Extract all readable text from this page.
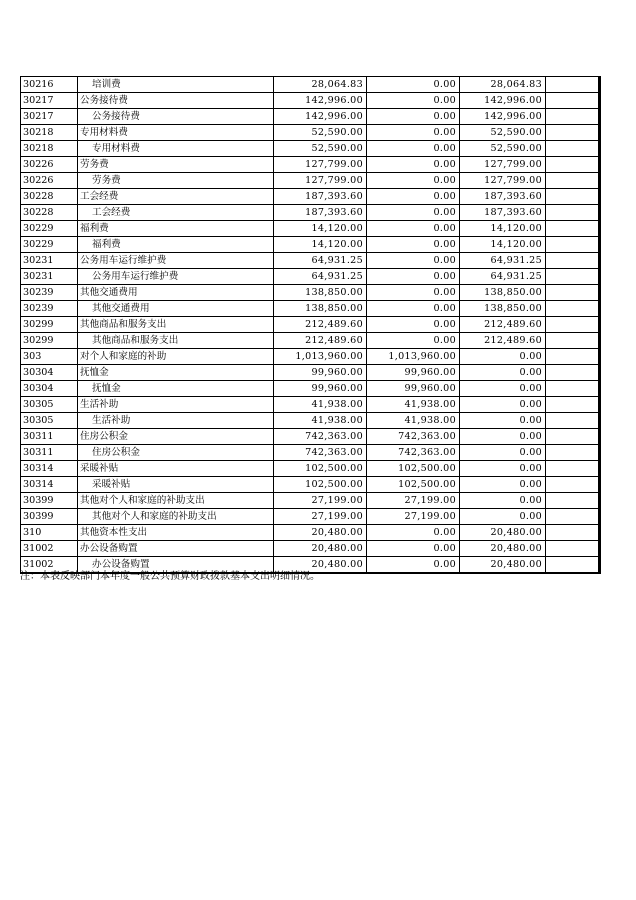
30216	培训费	28,064.83	0.00	28,064.83	
30217	公务接待费	142,996.00	0.00	142,996.00	
30217	公务接待费	142,996.00	0.00	142,996.00	
30218	专用材料费	52,590.00	0.00	52,590.00	
30218	专用材料费	52,590.00	0.00	52,590.00	
30226	劳务费	127,799.00	0.00	127,799.00	
30226	劳务费	127,799.00	0.00	127,799.00	
30228	工会经费	187,393.60	0.00	187,393.60	
30228	工会经费	187,393.60	0.00	187,393.60	
30229	福利费	14,120.00	0.00	14,120.00	
30229	福利费	14,120.00	0.00	14,120.00	
30231	公务用车运行维护费	64,931.25	0.00	64,931.25	
30231	公务用车运行维护费	64,931.25	0.00	64,931.25	
30239	其他交通费用	138,850.00	0.00	138,850.00	
30239	其他交通费用	138,850.00	0.00	138,850.00	
30299	其他商品和服务支出	212,489.60	0.00	212,489.60	
30299	其他商品和服务支出	212,489.60	0.00	212,489.60	
303	对个人和家庭的补助	1,013,960.00	1,013,960.00	0.00	
30304	抚恤金	99,960.00	99,960.00	0.00	
30304	抚恤金	99,960.00	99,960.00	0.00	
30305	生活补助	41,938.00	41,938.00	0.00	
30305	生活补助	41,938.00	41,938.00	0.00	
30311	住房公积金	742,363.00	742,363.00	0.00	
30311	住房公积金	742,363.00	742,363.00	0.00	
30314	采暖补贴	102,500.00	102,500.00	0.00	
30314	采暖补贴	102,500.00	102,500.00	0.00	
30399	其他对个人和家庭的补助支出	27,199.00	27,199.00	0.00	
30399	其他对个人和家庭的补助支出	27,199.00	27,199.00	0.00	
310	其他资本性支出	20,480.00	0.00	20,480.00	
31002	办公设备购置	20,480.00	0.00	20,480.00	
31002	办公设备购置	20,480.00	0.00	20,480.00	
注：本表反映部门本年度一般公共预算财政拨款基本支出明细情况。
